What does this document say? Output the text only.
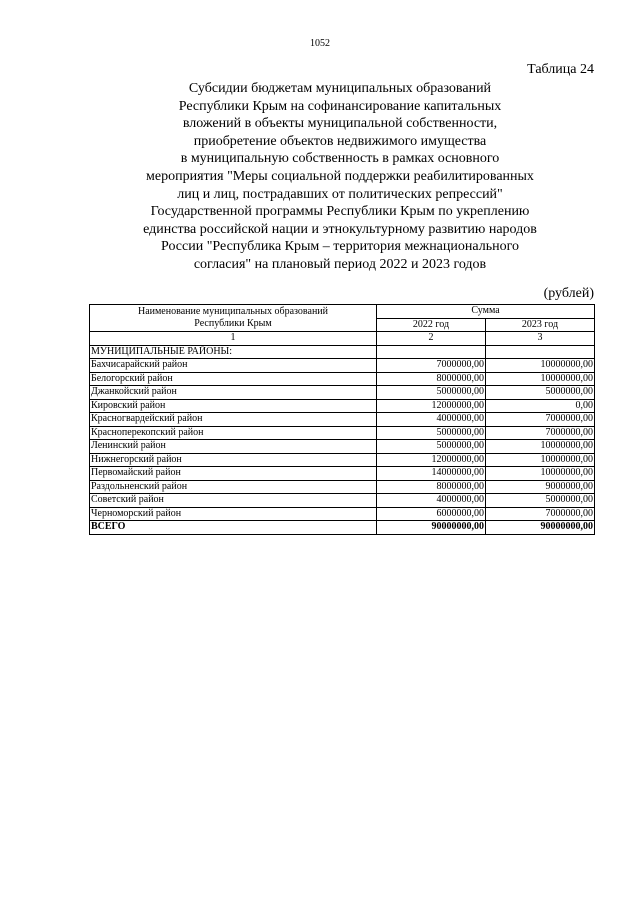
1052
Таблица 24
Субсидии бюджетам муниципальных образований
Республики Крым на софинансирование капитальных
вложений в объекты муниципальной собственности,
приобретение объектов недвижимого имущества
в муниципальную собственность в рамках основного
мероприятия "Меры социальной поддержки реабилитированных
лиц и лиц, пострадавших от политических репрессий"
Государственной программы Республики Крым по укреплению
единства российской нации и этнокультурному развитию народов
России "Республика Крым – территория межнационального
согласия" на плановый период 2022 и 2023 годов
(рублей)
Наименование муниципальных образований
Республики Крым	Сумма	
	2022 год	2023 год
1	2	3
МУНИЦИПАЛЬНЫЕ РАЙОНЫ:		
Бахчисарайский район	7000000,00	10000000,00
Белогорский район	8000000,00	10000000,00
Джанкойский район	5000000,00	5000000,00
Кировский район	12000000,00	0,00
Красногвардейский район	4000000,00	7000000,00
Красноперекопский район	5000000,00	7000000,00
Ленинский район	5000000,00	10000000,00
Нижнегорский район	12000000,00	10000000,00
Первомайский район	14000000,00	10000000,00
Раздольненский район	8000000,00	9000000,00
Советский район	4000000,00	5000000,00
Черноморский район	6000000,00	7000000,00
ВСЕГО	90000000,00	90000000,00
